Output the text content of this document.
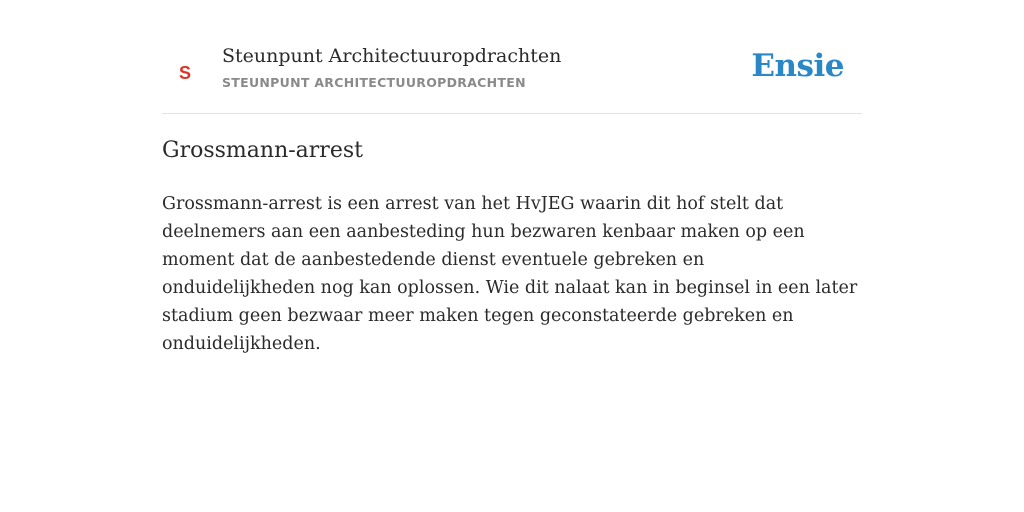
S
Steunpunt Architectuuropdrachten
STEUNPUNT ARCHITECTUUROPDRACHTEN	Ensie
Grossmann-arrest

Grossmann-arrest is een arrest van het HvJEG waarin dit hof stelt dat deelnemers aan een aanbesteding hun bezwaren kenbaar maken op een moment dat de aanbestedende dienst eventuele gebreken en onduidelijkheden nog kan oplossen. Wie dit nalaat kan in beginsel in een later stadium geen bezwaar meer maken tegen geconstateerde gebreken en onduidelijkheden.
